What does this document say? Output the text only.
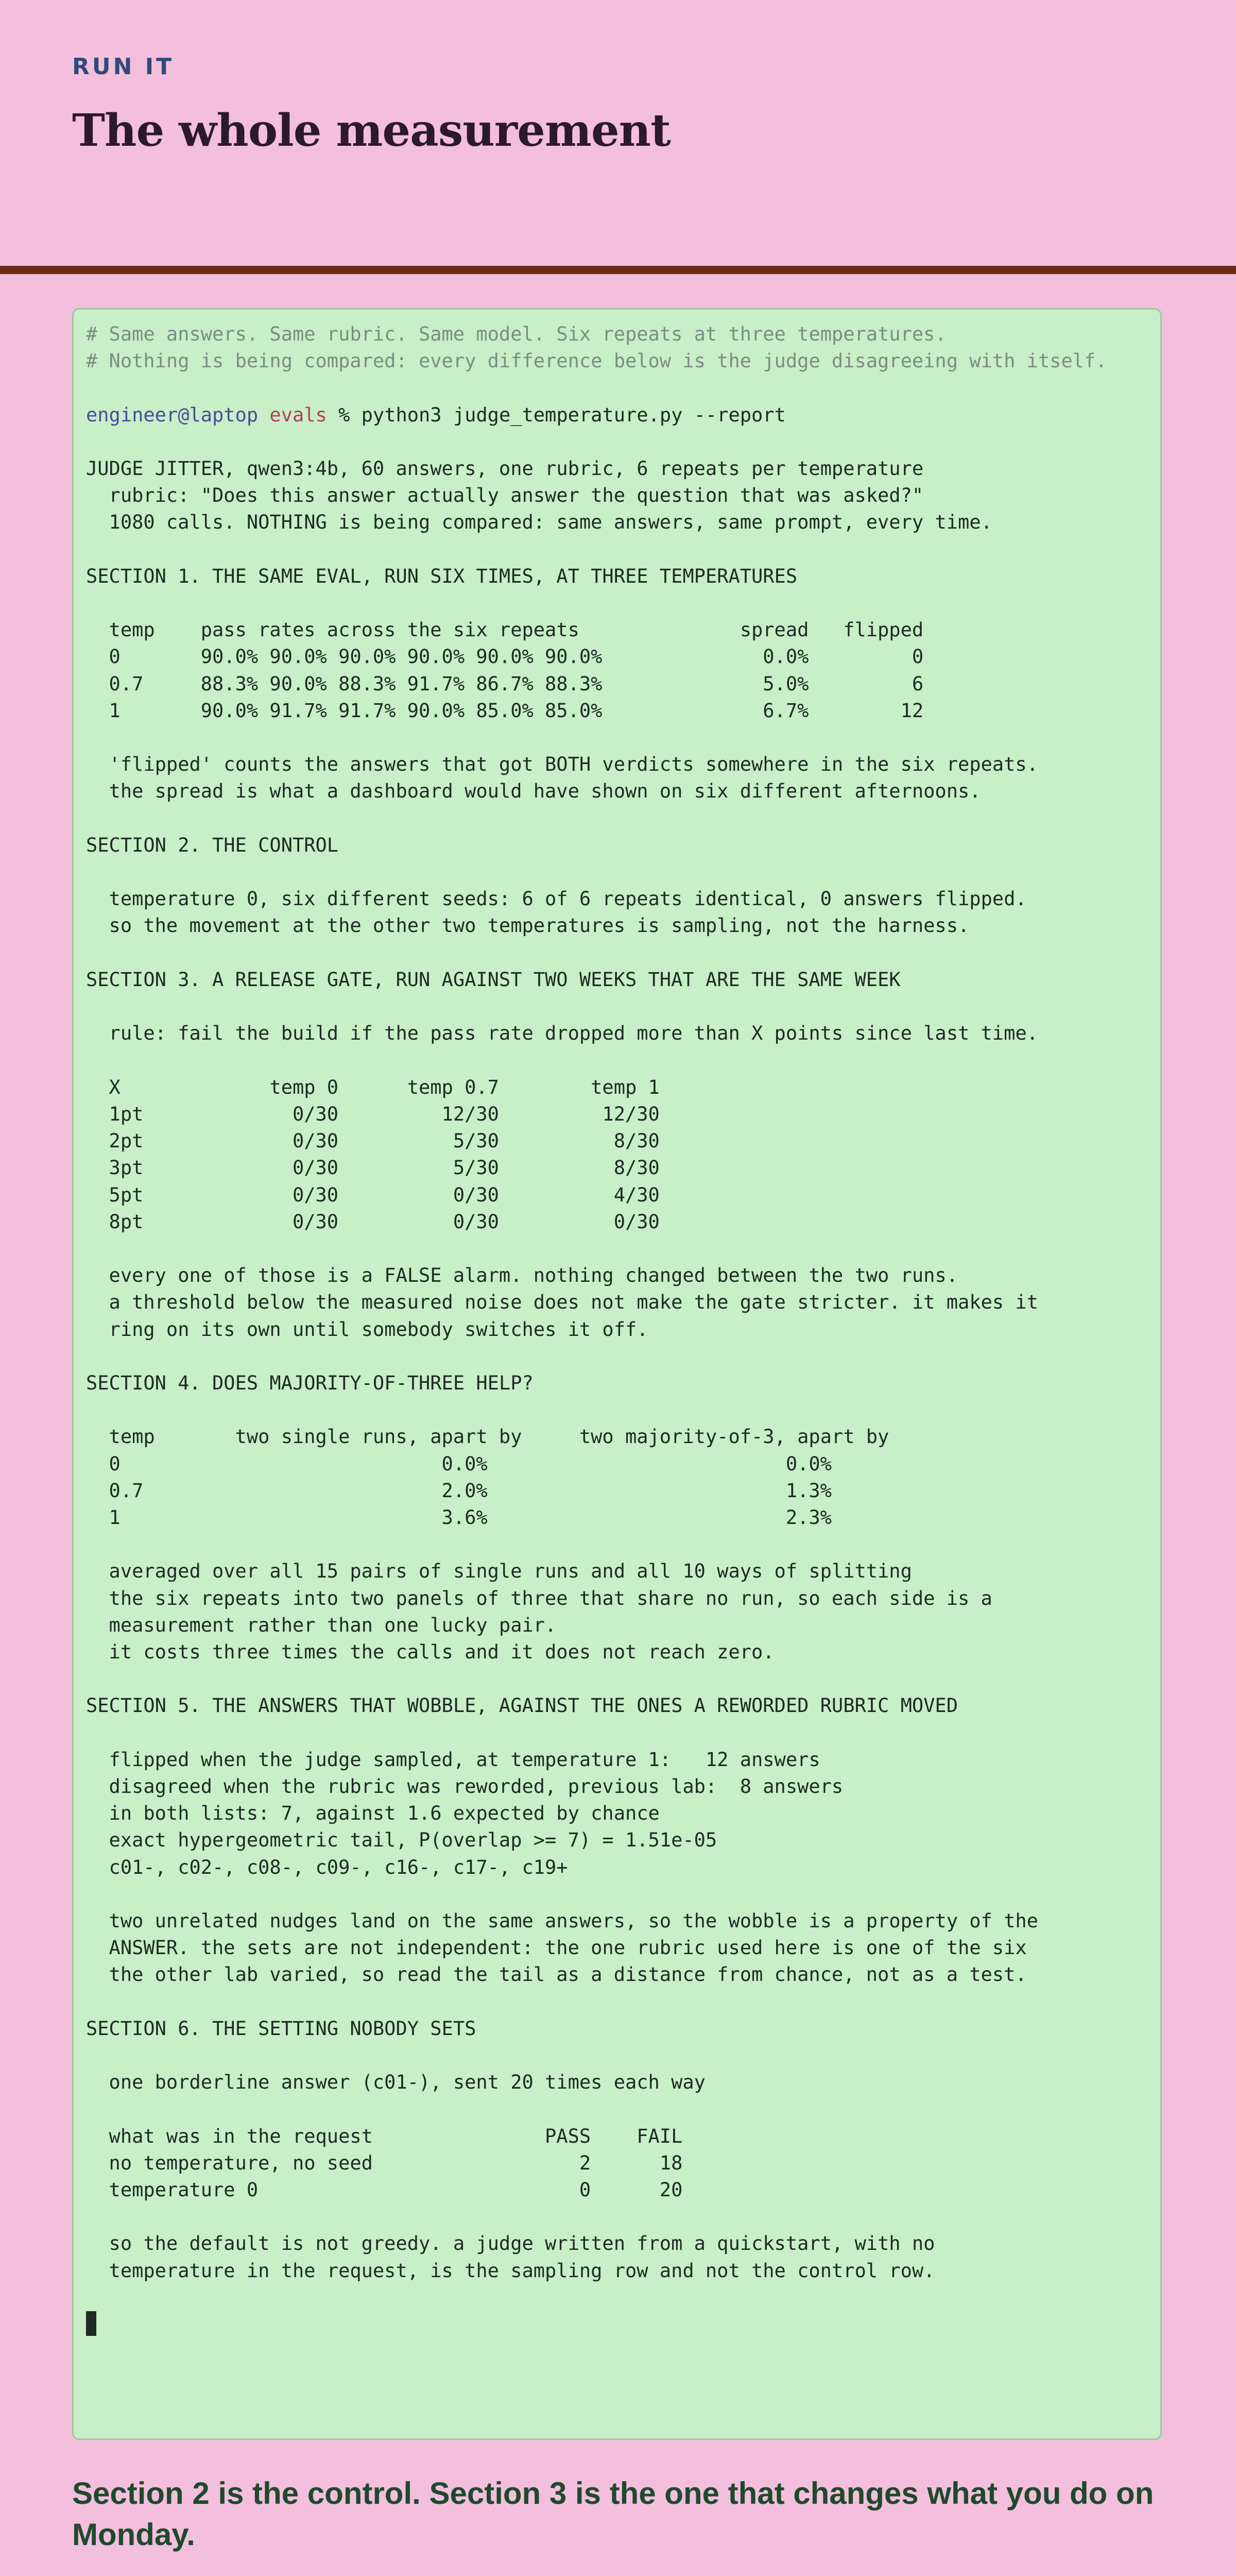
RUN IT

The whole measurement
# Same answers. Same rubric. Same model. Six repeats at three temperatures.
# Nothing is being compared: every difference below is the judge disagreeing with itself.

engineer@laptop evals % python3 judge_temperature.py --report

JUDGE JITTER, qwen3:4b, 60 answers, one rubric, 6 repeats per temperature
rubric: "Does this answer actually answer the question that was asked?"
1080 calls. NOTHING is being compared: same answers, same prompt, every time.

SECTION 1. THE SAME EVAL, RUN SIX TIMES, AT THREE TEMPERATURES

temp    pass rates across the six repeats              spread   flipped
0       90.0% 90.0% 90.0% 90.0% 90.0% 90.0%              0.0%         0
0.7     88.3% 90.0% 88.3% 91.7% 86.7% 88.3%              5.0%         6
1       90.0% 91.7% 91.7% 90.0% 85.0% 85.0%              6.7%        12

'flipped' counts the answers that got BOTH verdicts somewhere in the six repeats.
the spread is what a dashboard would have shown on six different afternoons.

SECTION 2. THE CONTROL

temperature 0, six different seeds: 6 of 6 repeats identical, 0 answers flipped.
so the movement at the other two temperatures is sampling, not the harness.

SECTION 3. A RELEASE GATE, RUN AGAINST TWO WEEKS THAT ARE THE SAME WEEK

rule: fail the build if the pass rate dropped more than X points since last time.

X             temp 0      temp 0.7        temp 1
1pt             0/30         12/30         12/30
2pt             0/30          5/30          8/30
3pt             0/30          5/30          8/30
5pt             0/30          0/30          4/30
8pt             0/30          0/30          0/30

every one of those is a FALSE alarm. nothing changed between the two runs.
a threshold below the measured noise does not make the gate stricter. it makes it
ring on its own until somebody switches it off.

SECTION 4. DOES MAJORITY-OF-THREE HELP?

temp       two single runs, apart by     two majority-of-3, apart by
0                            0.0%                          0.0%
0.7                          2.0%                          1.3%
1                            3.6%                          2.3%

averaged over all 15 pairs of single runs and all 10 ways of splitting
the six repeats into two panels of three that share no run, so each side is a
measurement rather than one lucky pair.
it costs three times the calls and it does not reach zero.

SECTION 5. THE ANSWERS THAT WOBBLE, AGAINST THE ONES A REWORDED RUBRIC MOVED

flipped when the judge sampled, at temperature 1:   12 answers
disagreed when the rubric was reworded, previous lab:  8 answers
in both lists: 7, against 1.6 expected by chance
exact hypergeometric tail, P(overlap >= 7) = 1.51e-05
c01-, c02-, c08-, c09-, c16-, c17-, c19+

two unrelated nudges land on the same answers, so the wobble is a property of the
ANSWER. the sets are not independent: the one rubric used here is one of the six
the other lab varied, so read the tail as a distance from chance, not as a test.

SECTION 6. THE SETTING NOBODY SETS

one borderline answer (c01-), sent 20 times each way

what was in the request               PASS    FAIL
no temperature, no seed                  2      18
temperature 0                            0      20

so the default is not greedy. a judge written from a quickstart, with no
temperature in the request, is the sampling row and not the control row.

Section 2 is the control. Section 3 is the one that changes what you do on Monday.
